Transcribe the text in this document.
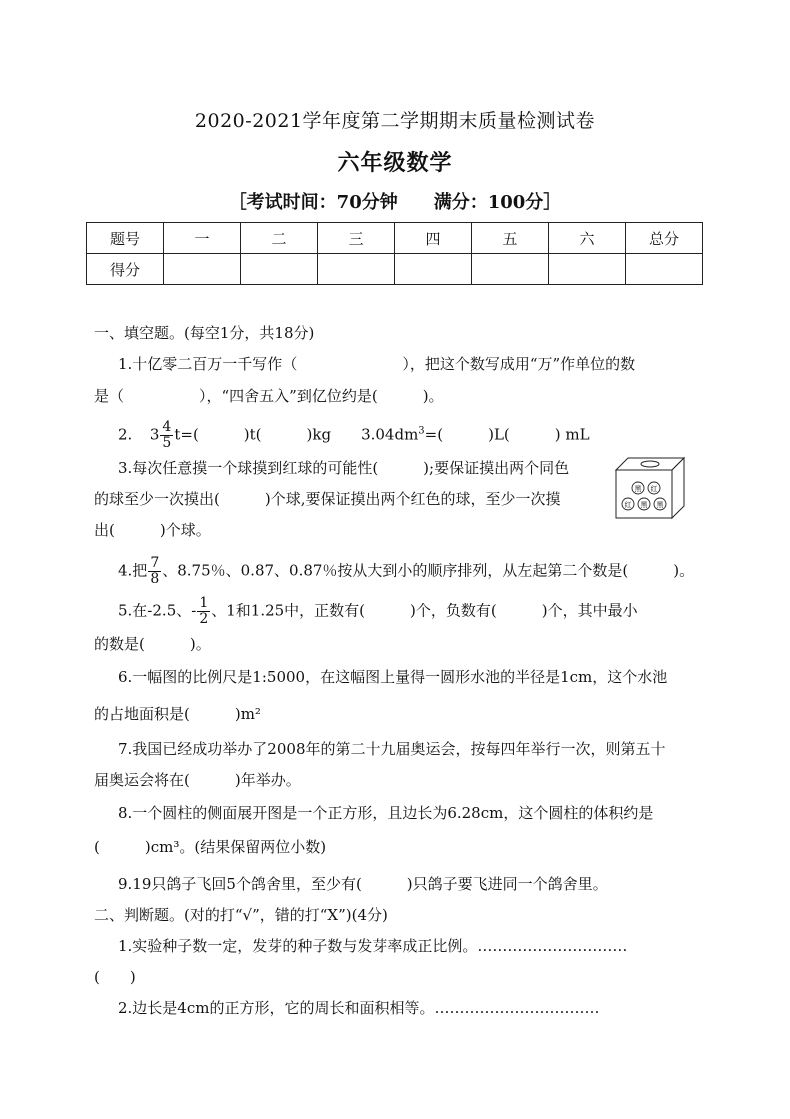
2020-2021学年度第二学期期末质量检测试卷
六年级数学
［考试时间：70分钟　　满分：100分］
题号	一	二	三	四	五	六	总分
得分							
一、填空题。(每空1分，共18分)
1.十亿零二百万一千写作（　　　　　　　），把这个数写成用“万”作单位的数
是（　　　　　），“四舍五入”到亿位约是(　　　)。
2. $3 \frac{4}{5} t=$(　　　)t(　　　)kg　　$3.04dm^3=$(　　　)L(　　　) mL
3.每次任意摸一个球摸到红球的可能性(　　　);要保证摸出两个同色
的球至少一次摸出(　　　)个球,要保证摸出两个红色的球，至少一次摸
出(　　　)个球。
黑 红
红 黑 黑
4.把 $\frac{7}{8}$ 、8.75％、0.87、0.87％按从大到小的顺序排列，从左起第二个数是(　　　)。
5.在-2.5、- $\frac{1}{2}$ 、1和1.25中，正数有(　　　)个，负数有(　　　)个，其中最小
的数是(　　　)。
6.一幅图的比例尺是1:5000，在这幅图上量得一圆形水池的半径是1cm，这个水池
的占地面积是(　　　)m²
7.我国已经成功举办了2008年的第二十九届奥运会，按每四年举行一次，则第五十
届奥运会将在(　　　)年举办。
8.一个圆柱的侧面展开图是一个正方形，且边长为6.28cm，这个圆柱的体积约是
(　　　)cm³。(结果保留两位小数)
9.19只鸽子飞回5个鸽舍里，至少有(　　　)只鸽子要飞进同一个鸽舍里。
二、判断题。(对的打“√”，错的打“X”)(4分)
1.实验种子数一定，发芽的种子数与发芽率成正比例。…………………………
(　　)
2.边长是4cm的正方形，它的周长和面积相等。……………………………
